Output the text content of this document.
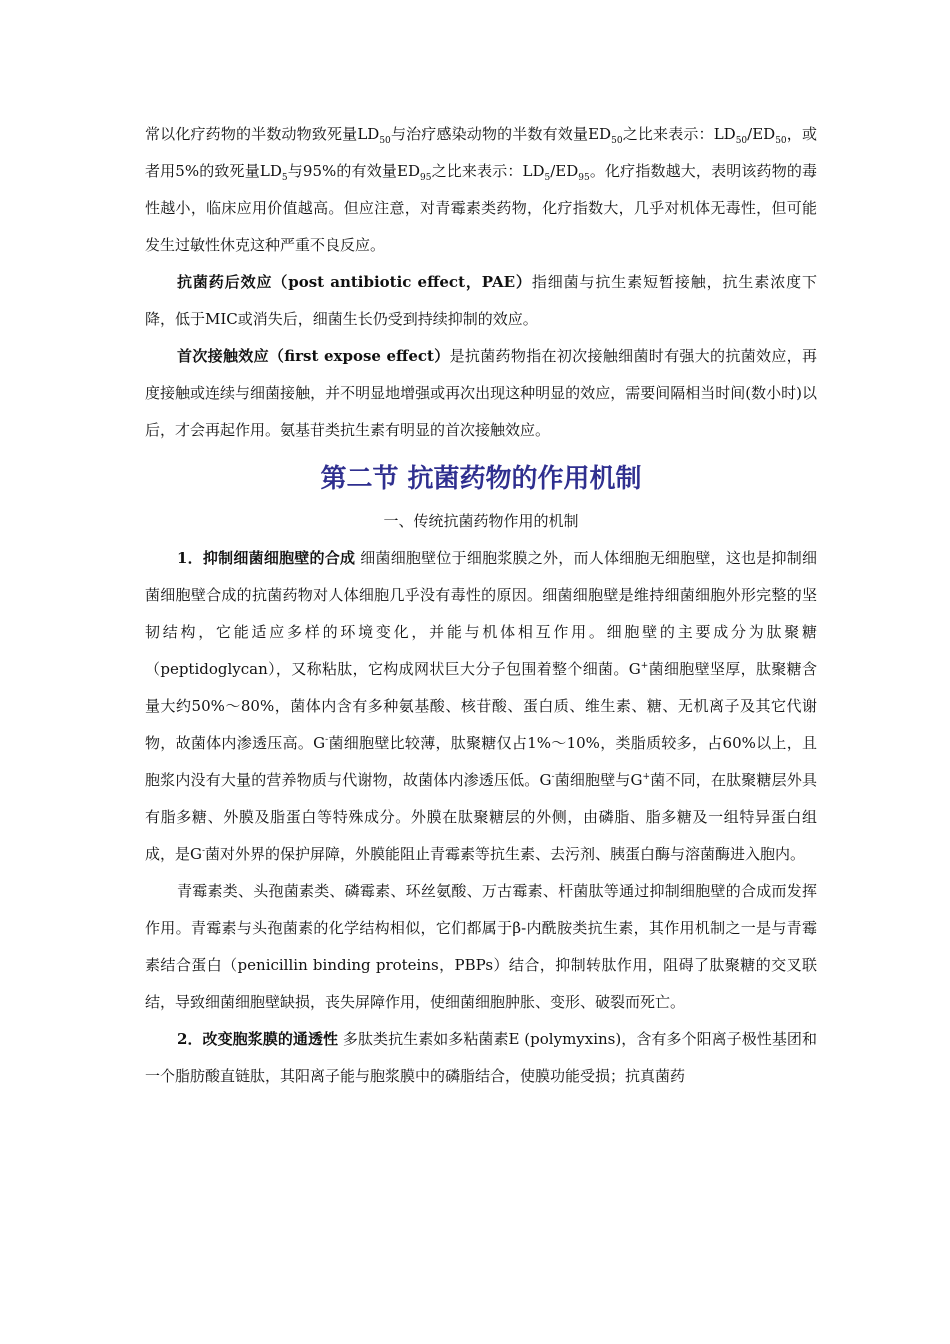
常以化疗药物的半数动物致死量$LD_{50}$与治疗感染动物的半数有效量$ED_{50}$之比来表示：$LD_{50}/ED_{50}$，或者用5%的致死量$LD_5$与95%的有效量$ED_{95}$之比来表示：$LD_5/ED_{95}$。化疗指数越大，表明该药物的毒性越小，临床应用价值越高。但应注意，对青霉素类药物，化疗指数大，几乎对机体无毒性，但可能发生过敏性休克这种严重不良反应。

抗菌药后效应（post antibiotic effect，PAE）指细菌与抗生素短暂接触，抗生素浓度下降，低于MIC或消失后，细菌生长仍受到持续抑制的效应。

首次接触效应（first expose effect）是抗菌药物指在初次接触细菌时有强大的抗菌效应，再度接触或连续与细菌接触，并不明显地增强或再次出现这种明显的效应，需要间隔相当时间(数小时)以后，才会再起作用。氨基苷类抗生素有明显的首次接触效应。

第二节 抗菌药物的作用机制

一、传统抗菌药物作用的机制

1．抑制细菌细胞壁的合成 细菌细胞壁位于细胞浆膜之外，而人体细胞无细胞壁，这也是抑制细菌细胞壁合成的抗菌药物对人体细胞几乎没有毒性的原因。细菌细胞壁是维持细菌细胞外形完整的坚韧结构，它能适应多样的环境变化，并能与机体相互作用。细胞壁的主要成分为肽聚糖（peptidoglycan），又称粘肽，它构成网状巨大分子包围着整个细菌。G+菌细胞壁坚厚，肽聚糖含量大约50%～80%，菌体内含有多种氨基酸、核苷酸、蛋白质、维生素、糖、无机离子及其它代谢物，故菌体内渗透压高。G-菌细胞壁比较薄，肽聚糖仅占1%～10%，类脂质较多，占60%以上，且胞浆内没有大量的营养物质与代谢物，故菌体内渗透压低。G-菌细胞壁与G+菌不同，在肽聚糖层外具有脂多糖、外膜及脂蛋白等特殊成分。外膜在肽聚糖层的外侧，由磷脂、脂多糖及一组特异蛋白组成，是G-菌对外界的保护屏障，外膜能阻止青霉素等抗生素、去污剂、胰蛋白酶与溶菌酶进入胞内。

青霉素类、头孢菌素类、磷霉素、环丝氨酸、万古霉素、杆菌肽等通过抑制细胞壁的合成而发挥作用。青霉素与头孢菌素的化学结构相似，它们都属于β-内酰胺类抗生素，其作用机制之一是与青霉素结合蛋白（penicillin binding proteins，PBPs）结合，抑制转肽作用，阻碍了肽聚糖的交叉联结，导致细菌细胞壁缺损，丧失屏障作用，使细菌细胞肿胀、变形、破裂而死亡。

2．改变胞浆膜的通透性 多肽类抗生素如多粘菌素E (polymyxins)，含有多个阳离子极性基团和一个脂肪酸直链肽，其阳离子能与胞浆膜中的磷脂结合，使膜功能受损；抗真菌药
